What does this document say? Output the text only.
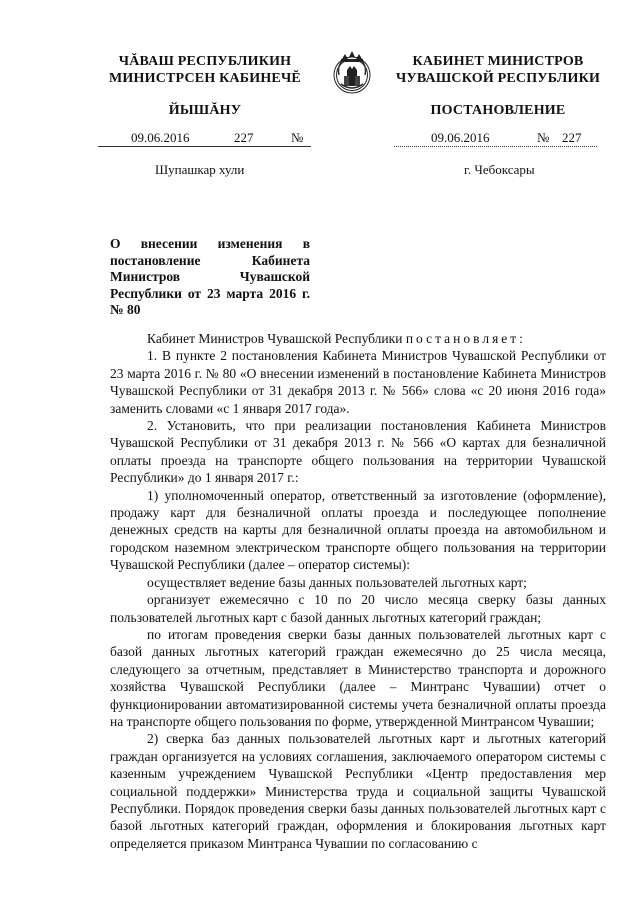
ЧĂВАШ РЕСПУБЛИКИН
МИНИСТРСЕН КАБИНЕЧĔ
ЙЫШĂНУ
КАБИНЕТ МИНИСТРОВ
ЧУВАШСКОЙ РЕСПУБЛИКИ
ПОСТАНОВЛЕНИЕ
09.06.2016	227	№	09.06.2016	№ 227
Шупашкар хули	г. Чебоксары
О внесении изменения в постановление Кабинета Министров Чувашской Республики от 23 марта 2016 г. № 80

Кабинет Министров Чувашской Республики постановляет:

1. В пункте 2 постановления Кабинета Министров Чувашской Республики от 23 марта 2016 г. № 80 «О внесении изменений в постановление Кабинета Министров Чувашской Республики от 31 декабря 2013 г. № 566» слова «с 20 июня 2016 года» заменить словами «с 1 января 2017 года».

2. Установить, что при реализации постановления Кабинета Министров Чувашской Республики от 31 декабря 2013 г. № 566 «О картах для безналичной оплаты проезда на транспорте общего пользования на территории Чувашской Республики» до 1 января 2017 г.:

1) уполномоченный оператор, ответственный за изготовление (оформление), продажу карт для безналичной оплаты проезда и последующее пополнение денежных средств на карты для безналичной оплаты проезда на автомобильном и городском наземном электрическом транспорте общего пользования на территории Чувашской Республики (далее – оператор системы):

осуществляет ведение базы данных пользователей льготных карт;

организует ежемесячно с 10 по 20 число месяца сверку базы данных пользователей льготных карт с базой данных льготных категорий граждан;

по итогам проведения сверки базы данных пользователей льготных карт с базой данных льготных категорий граждан ежемесячно до 25 числа месяца, следующего за отчетным, представляет в Министерство транспорта и дорожного хозяйства Чувашской Республики (далее – Минтранс Чувашии) отчет о функционировании автоматизированной системы учета безналичной оплаты проезда на транспорте общего пользования по форме, утвержденной Минтрансом Чувашии;

2) сверка баз данных пользователей льготных карт и льготных категорий граждан организуется на условиях соглашения, заключаемого оператором системы с казенным учреждением Чувашской Республики «Центр предоставления мер социальной поддержки» Министерства труда и социальной защиты Чувашской Республики. Порядок проведения сверки базы данных пользователей льготных карт с базой льготных категорий граждан, оформления и блокирования льготных карт определяется приказом Минтранса Чувашии по согласованию с
